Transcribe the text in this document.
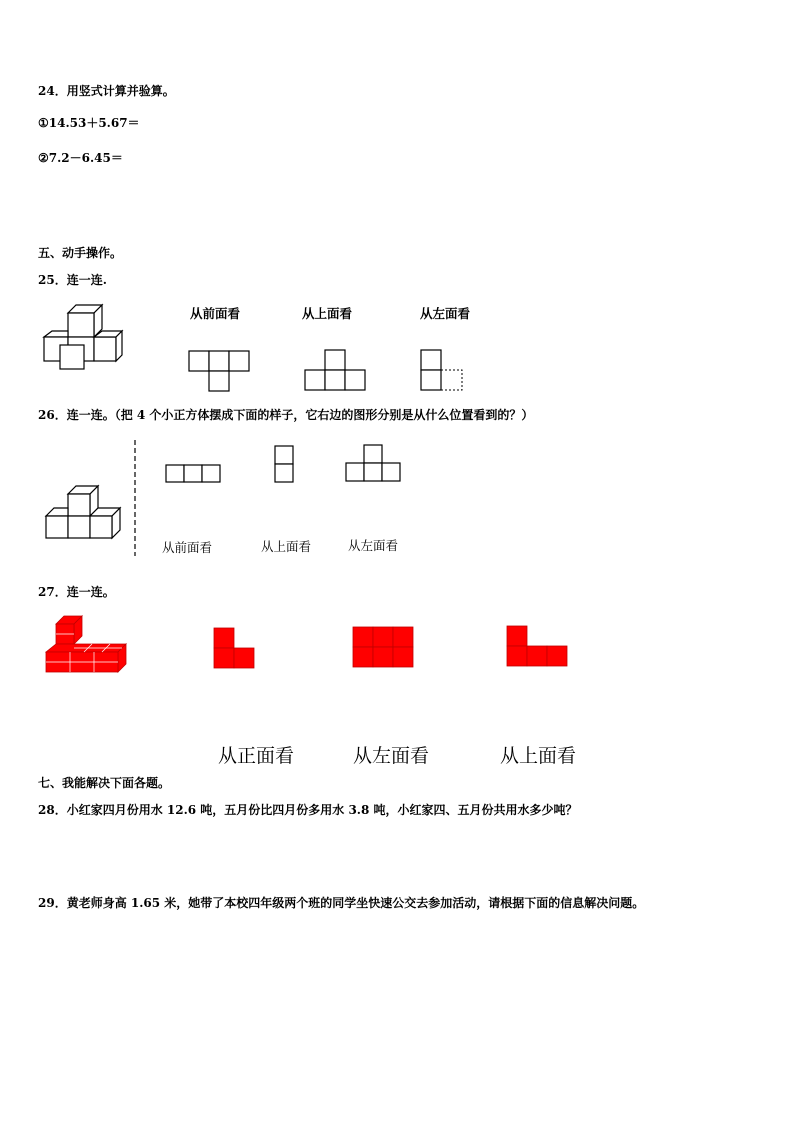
24．用竖式计算并验算。
①14.53＋5.67＝
②7.2－6.45＝
五、动手操作。
25．连一连.
从前面看	从上面看	从左面看
26．连一连。（把 4 个小正方体摆成下面的样子，它右边的图形分别是从什么位置看到的？）
从前面看	从上面看	从左面看
27．连一连。
从正面看	从左面看	从上面看
七、我能解决下面各题。
28．小红家四月份用水 12.6 吨，五月份比四月份多用水 3.8 吨，小红家四、五月份共用水多少吨？
29．黄老师身高 1.65 米，她带了本校四年级两个班的同学坐快速公交去参加活动，请根据下面的信息解决问题。
